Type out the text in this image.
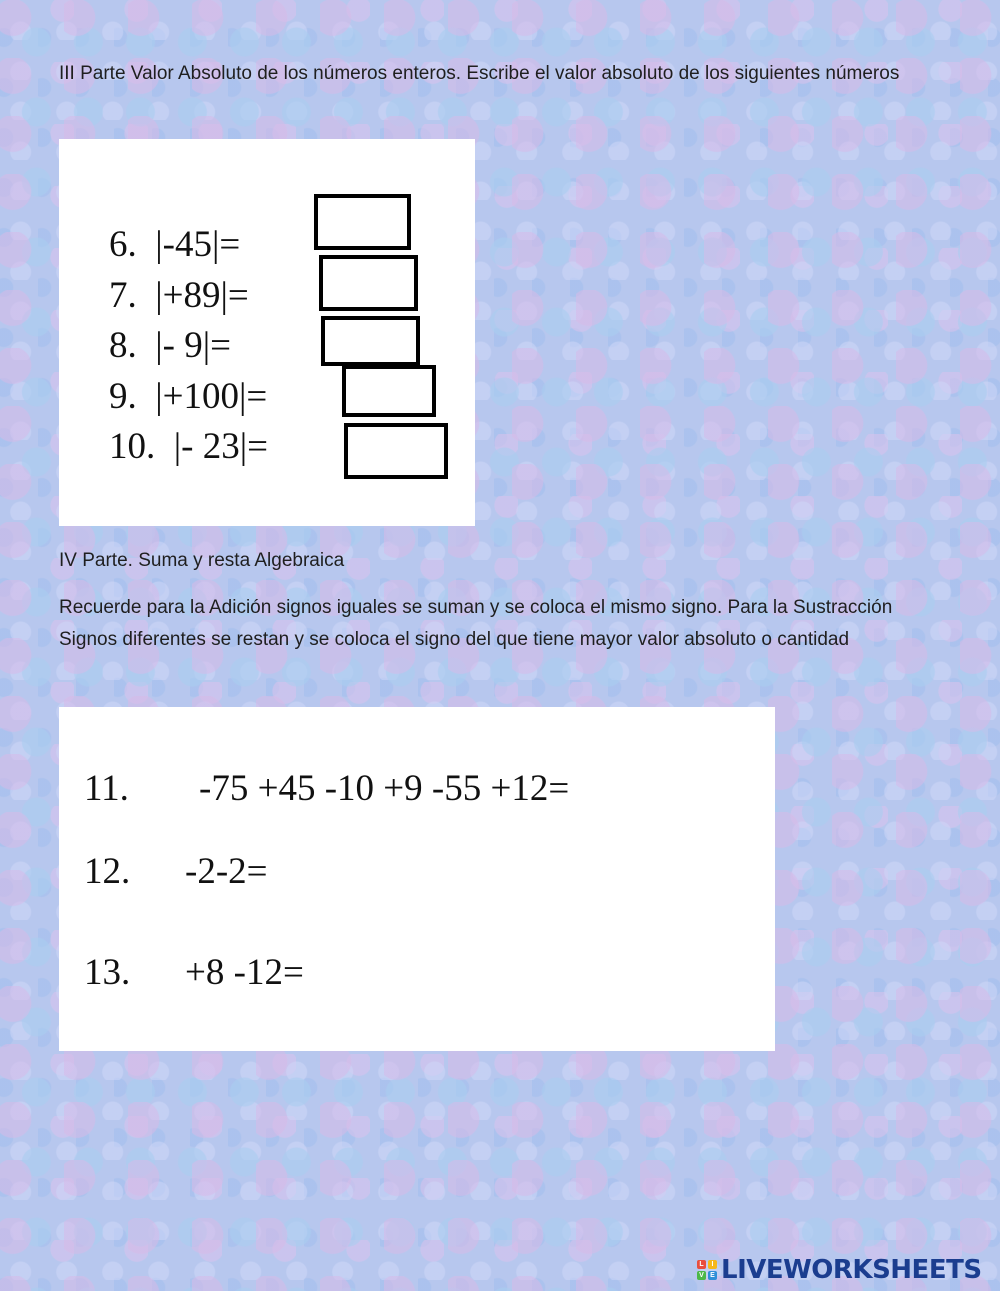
III Parte Valor Absoluto de los números enteros. Escribe el valor absoluto de los siguientes números
6.  |-45|=
7.  |+89|=
8.  |- 9|=
9.  |+100|=
10.  |- 23|=
IV Parte. Suma y resta Algebraica
Recuerde para la Adición signos iguales se suman y se coloca el mismo signo. Para la Sustracción Signos diferentes se restan y se coloca el signo del que tiene mayor valor absoluto o cantidad
11. -75 +45 -10 +9 -55 +12=
12. -2-2=
13. +8 -12=
L	I
V E LIVEWORKSHEETS
